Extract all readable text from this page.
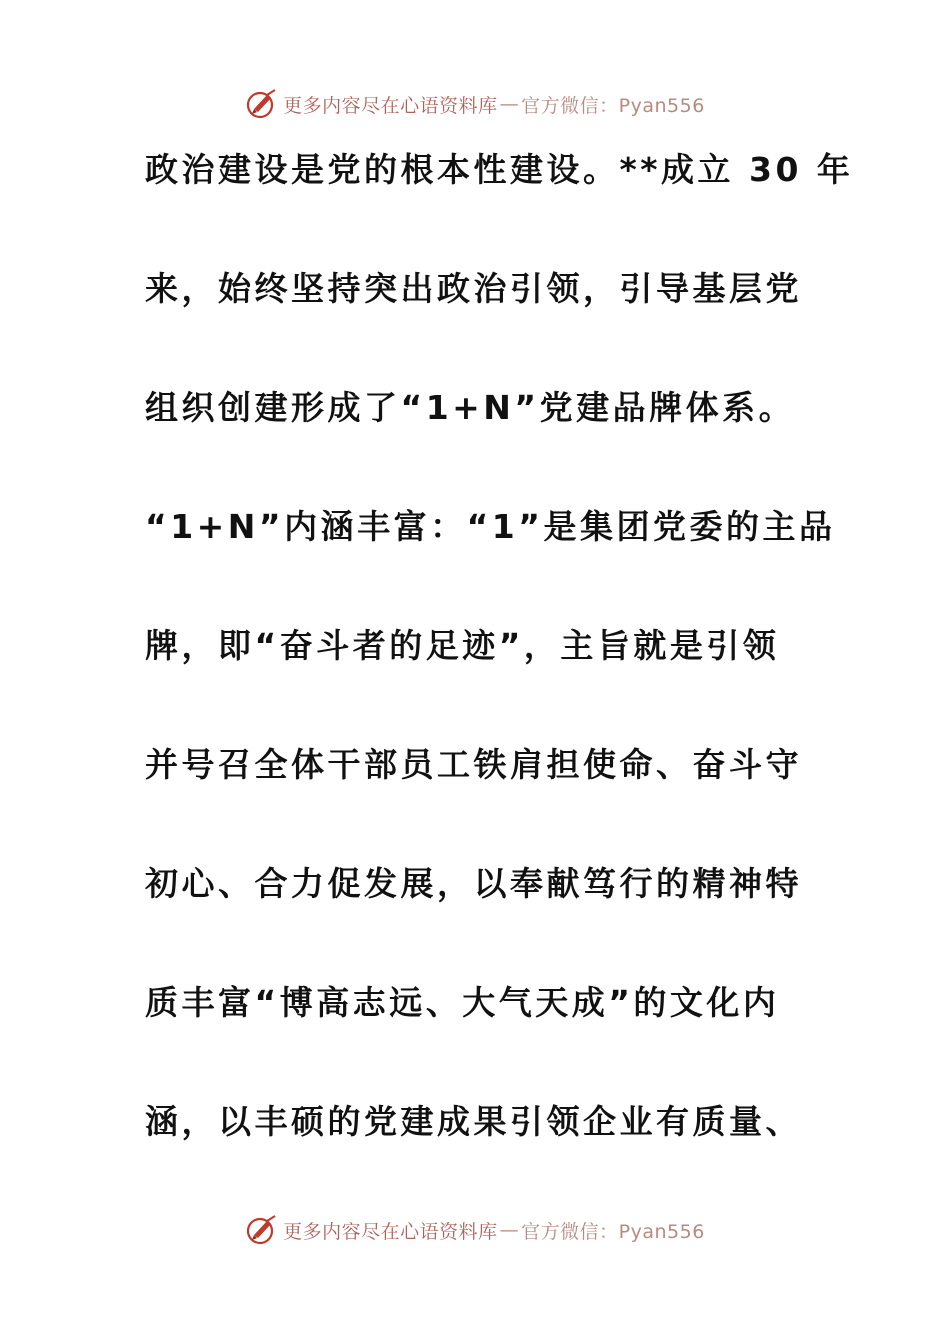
更多内容尽在心语资料库 — 官方微信：Pyan556
政治建设是党的根本性建设。**成立 30 年
来，始终坚持突出政治引领，引导基层党
组织创建形成了“1+N”党建品牌体系。
“1+N”内涵丰富：“1”是集团党委的主品
牌，即“奋斗者的足迹”，主旨就是引领
并号召全体干部员工铁肩担使命、奋斗守
初心、合力促发展，以奉献笃行的精神特
质丰富“博高志远、大气天成”的文化内
涵，以丰硕的党建成果引领企业有质量、
更多内容尽在心语资料库 — 官方微信：Pyan556
